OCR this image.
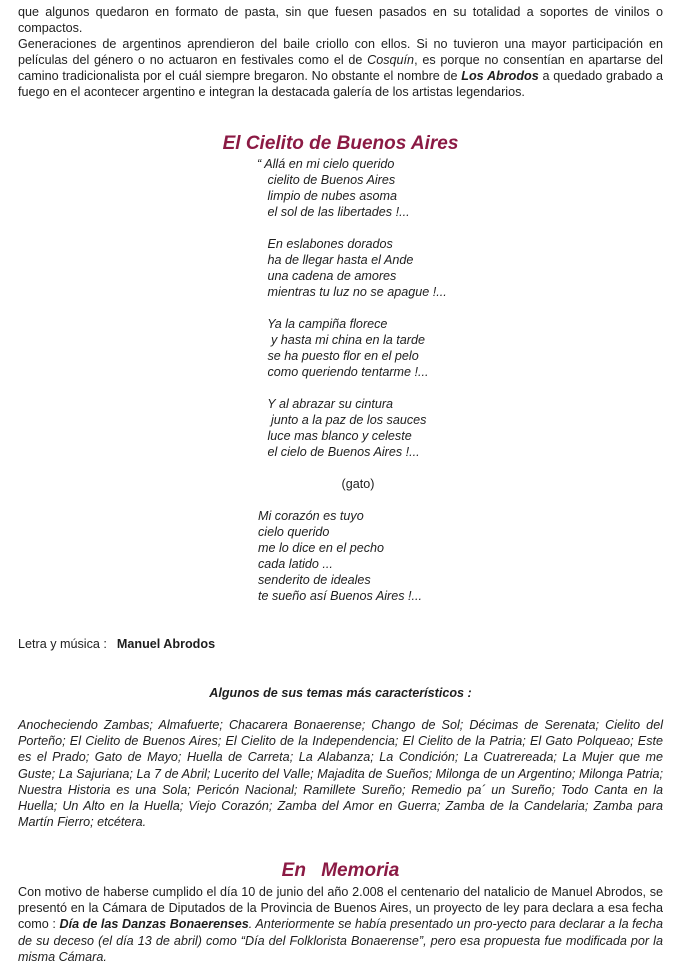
que algunos quedaron en formato de pasta, sin que fuesen pasados en su totalidad a soportes de vinilos o compactos.

Generaciones de argentinos aprendieron del baile criollo con ellos. Si no tuvieron una mayor participación en películas del género o no actuaron en festivales como el de Cosquín, es porque no consentían en apartarse del camino tradicionalista por el cuál siempre bregaron. No obstante el nombre de Los Abrodos a quedado grabado a fuego en el acontecer argentino e integran la destacada galería de los artistas legendarios.

El Cielito de Buenos Aires
“ Allá en mi cielo querido
cielito de Buenos Aires
limpio de nubes asoma
el sol de las libertades !...
En eslabones dorados
ha de llegar hasta el Ande
una cadena de amores
mientras tu luz no se apague !...
Ya la campiña florece
y hasta mi china en la tarde
se ha puesto flor en el pelo
como queriendo tentarme !...
Y al abrazar su cintura
junto a la paz de los sauces
luce mas blanco y celeste
el cielo de Buenos Aires !...
(gato)
Mi corazón es tuyo
cielo querido
me lo dice en el pecho
cada latido ...
senderito de ideales
te sueño así Buenos Aires !...
Letra y música : Manuel Abrodos
Algunos de sus temas más característicos :
Anocheciendo Zambas; Almafuerte; Chacarera Bonaerense; Chango de Sol; Décimas de Serenata; Cielito del Porteño; El Cielito de Buenos Aires; El Cielito de la Independencia; El Cielito de la Patria; El Gato Polqueao; Este es el Prado; Gato de Mayo; Huella de Carreta; La Alabanza; La Condición; La Cuatrereada; La Mujer que me Guste; La Sajuriana; La 7 de Abril; Lucerito del Valle; Majadita de Sueños; Milonga de un Argentino; Milonga Patria; Nuestra Historia es una Sola; Pericón Nacional; Ramillete Sureño; Remedio pa´ un Sureño; Todo Canta en la Huella; Un Alto en la Huella; Viejo Corazón; Zamba del Amor en Guerra; Zamba de la Candelaria; Zamba para Martín Fierro; etcétera.
En Memoria
Con motivo de haberse cumplido el día 10 de junio del año 2.008 el centenario del natalicio de Manuel Abrodos, se presentó en la Cámara de Diputados de la Provincia de Buenos Aires, un proyecto de ley para declara a esa fecha como : Día de las Danzas Bonaerenses. Anteriormente se había presentado un pro-yecto para declarar a la fecha de su deceso (el día 13 de abril) como “Día del Folklorista Bonaerense”, pero esa propuesta fue modificada por la misma Cámara.
